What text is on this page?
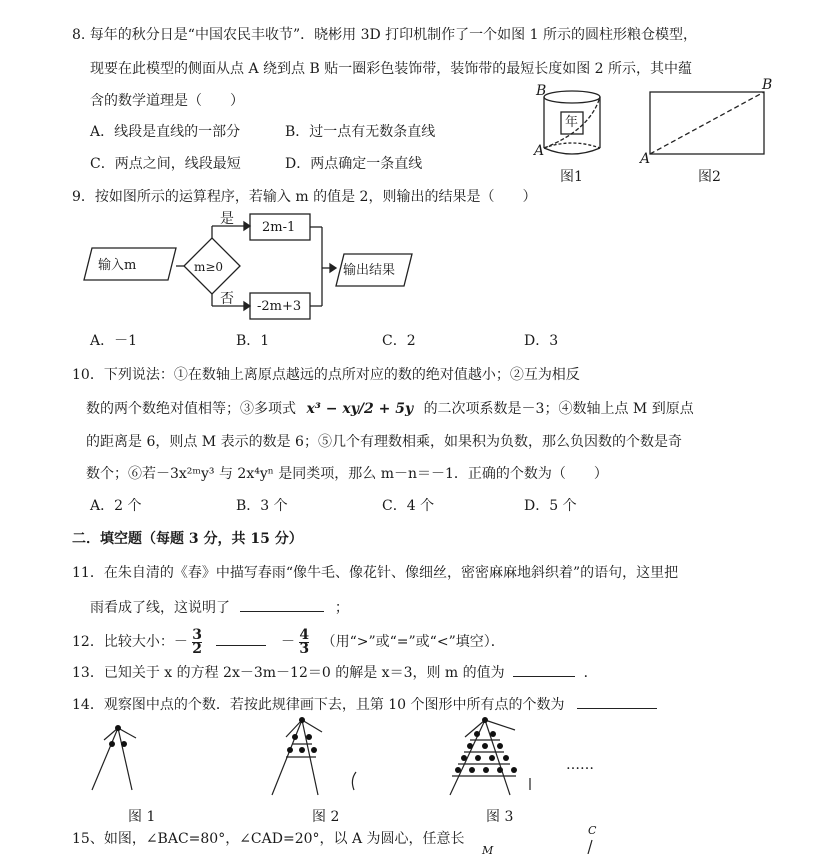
8. 每年的秋分日是“中国农民丰收节”．晓彬用 3D 打印机制作了一个如图 1 所示的圆柱形粮仓模型，
现要在此模型的侧面从点 A 绕到点 B 贴一圈彩色装饰带，装饰带的最短长度如图 2 所示，其中蕴
含的数学道理是（　　）
A．线段是直线的一部分	B．过一点有无数条直线
C．两点之间，线段最短	D．两点确定一条直线
B
A
年
图1
B
A
图2
9．按如图所示的运算程序，若输入 m 的值是 2，则输出的结果是（　　）
输入m	m≥0
是
否
2m-1
-2m+3
输出结果
A．－1	B．1	C．2	D．3
10．下列说法：①在数轴上离原点越远的点所对应的数的绝对值越小；②互为相反
数的两个数绝对值相等；③多项式 x³ − xy/2 + 5y 的二次项系数是－3；④数轴上点 M 到原点
的距离是 6，则点 M 表示的数是 6；⑤几个有理数相乘，如果积为负数，那么负因数的个数是奇
数个；⑥若－3x²ᵐy³ 与 2x⁴yⁿ 是同类项，那么 m－n＝－1．正确的个数为（　　）
A．2 个	B．3 个	C．4 个	D．5 个
二．填空题（每题 3 分，共 15 分）
11．在朱自清的《春》中描写春雨“像牛毛、像花针、像细丝，密密麻麻地斜织着”的语句，这里把
雨看成了线，这说明了	；
12．比较大小：－ $\frac{3}{2}$	－ $\frac{4}{3}$ （用“>”或“=”或“<”填空）．
13．已知关于 x 的方程 2x－3m－12＝0 的解是 x＝3，则 m 的值为	．
14．观察图中点的个数．若按此规律画下去，且第 10 个图形中所有点的个数为
图 1	图 2	图 3
……
15、如图，∠BAC=80°，∠CAD=20°，以 A 为圆心，任意长
C
M
